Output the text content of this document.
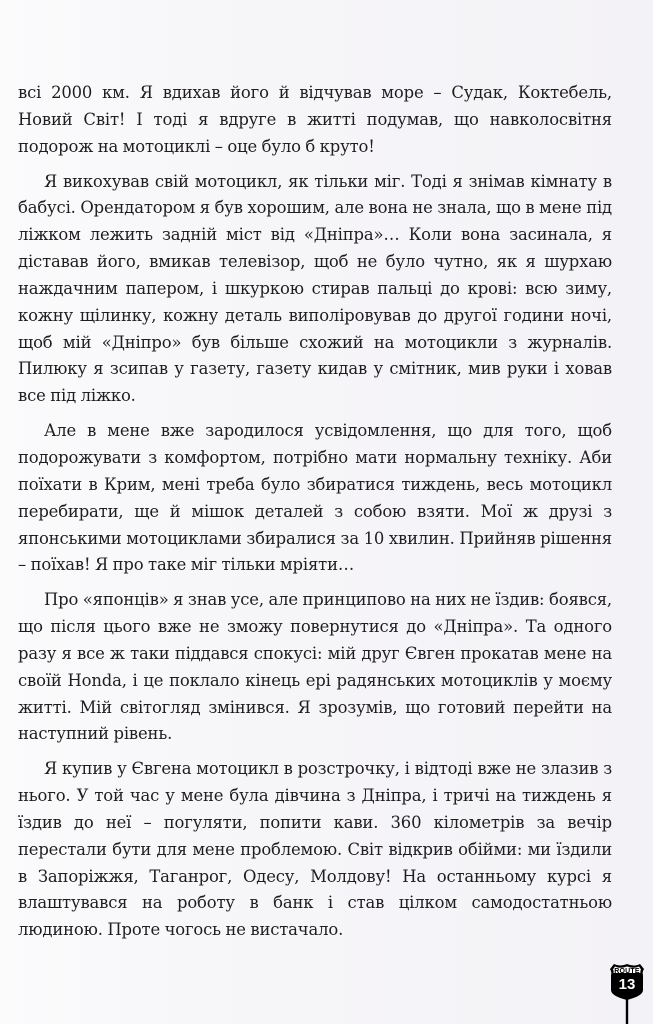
всі 2000 км. Я вдихав його й відчував море – Судак, Коктебель, Новий Світ! І тоді я вдруге в житті подумав, що навколосвітня подорож на мотоциклі – оце було б круто!

Я викохував свій мотоцикл, як тільки міг. Тоді я знімав кімнату в бабусі. Орендатором я був хорошим, але вона не знала, що в мене під ліжком лежить задній міст від «Дніпра»… Коли вона засинала, я діставав його, вмикав телевізор, щоб не було чутно, як я шурхаю наждачним папером, і шкуркою стирав пальці до крові: всю зиму, кожну щілинку, кожну деталь виполіровував до другої години ночі, щоб мій «Дніпро» був більше схожий на мотоцикли з журналів. Пилюку я зсипав у газету, газету кидав у смітник, мив руки і ховав все під ліжко.

Але в мене вже зародилося усвідомлення, що для того, щоб подорожувати з комфортом, потрібно мати нормальну техніку. Аби поїхати в Крим, мені треба було збиратися тиждень, весь мотоцикл перебирати, ще й мішок деталей з собою взяти. Мої ж друзі з японськими мотоциклами збиралися за 10 хвилин. Прийняв рішення – поїхав! Я про таке міг тільки мріяти…

Про «японців» я знав усе, але принципово на них не їздив: боявся, що після цього вже не зможу повернутися до «Дніпра». Та одного разу я все ж таки піддався спокусі: мій друг Євген прокатав мене на своїй Honda, і це поклало кінець ері радянських мотоциклів у моєму житті. Мій світогляд змінився. Я зрозумів, що готовий перейти на наступний рівень.

Я купив у Євгена мотоцикл в розстрочку, і відтоді вже не злазив з нього. У той час у мене була дівчина з Дніпра, і тричі на тиждень я їздив до неї – погуляти, попити кави. 360 кілометрів за вечір перестали бути для мене проблемою. Світ відкрив обійми: ми їздили в Запоріжжя, Таганрог, Одесу, Молдову! На останньому курсі я влаштувався на роботу в банк і став цілком самодостатньою людиною. Проте чогось не вистачало.

ROUTE
13
